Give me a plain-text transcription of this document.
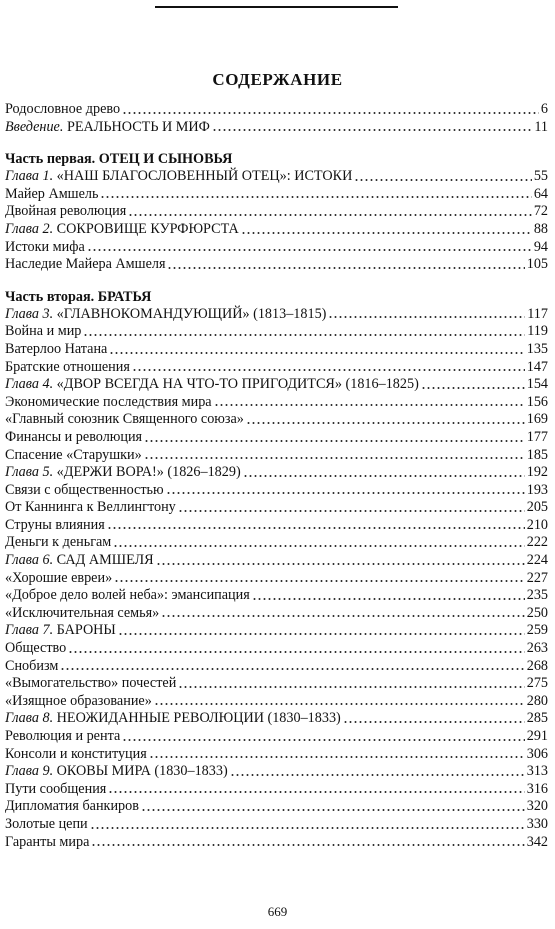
СОДЕРЖАНИЕ
Родословное древо	6
Введение. РЕАЛЬНОСТЬ И МИФ	11
Часть первая. ОТЕЦ И СЫНОВЬЯ
Глава 1. «НАШ БЛАГОСЛОВЕННЫЙ ОТЕЦ»: ИСТОКИ	55
Майер Амшель	64
Двойная революция	72
Глава 2. СОКРОВИЩЕ КУРФЮРСТА	88
Истоки мифа	94
Наследие Майера Амшеля	105
Часть вторая. БРАТЬЯ
Глава 3. «ГЛАВНОКОМАНДУЮЩИЙ» (1813–1815)	117
Война и мир	119
Ватерлоо Натана	135
Братские отношения	147
Глава 4. «ДВОР ВСЕГДА НА ЧТО-ТО ПРИГОДИТСЯ» (1816–1825)	154
Экономические последствия мира	156
«Главный союзник Священного союза»	169
Финансы и революция	177
Спасение «Старушки»	185
Глава 5. «ДЕРЖИ ВОРА!» (1826–1829)	192
Связи с общественностью	193
От Каннинга к Веллингтону	205
Струны влияния	210
Деньги к деньгам	222
Глава 6. САД АМШЕЛЯ	224
«Хорошие евреи»	227
«Доброе дело волей неба»: эмансипация	235
«Исключительная семья»	250
Глава 7. БАРОНЫ	259
Общество	263
Снобизм	268
«Вымогательство» почестей	275
«Изящное образование»	280
Глава 8. НЕОЖИДАННЫЕ РЕВОЛЮЦИИ (1830–1833)	285
Революция и рента	291
Консоли и конституция	306
Глава 9. ОКОВЫ МИРА (1830–1833)	313
Пути сообщения	316
Дипломатия банкиров	320
Золотые цепи	330
Гаранты мира	342
669
